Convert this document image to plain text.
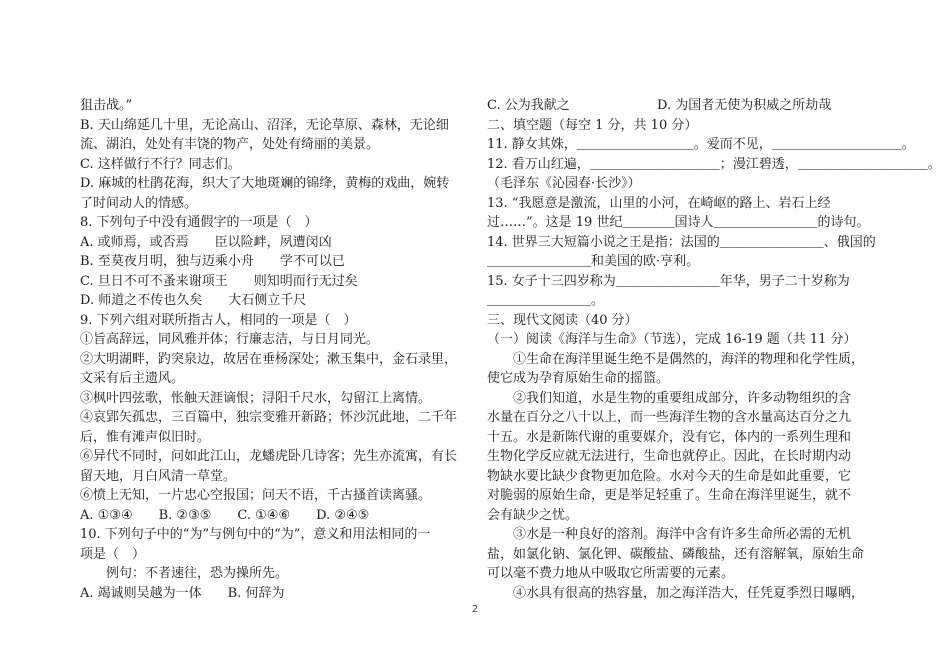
狙击战。”
B. 天山绵延几十里，无论高山、沼泽，无论草原、森林，无论细
流、湖泊，处处有丰饶的物产，处处有绮丽的美景。
C. 这样做行不行？同志们。
D. 麻城的杜鹃花海，织大了大地斑斓的锦绛，黄梅的戏曲，婉转
了时间动人的情感。
8. 下列句子中没有通假字的一项是（　）
A. 或师焉，或否焉　　臣以险衅，夙遭闵凶
B. 至莫夜月明，独与迈乘小舟　　学不可以已
C. 旦日不可不蚤来谢项王　　则知明而行无过矣
D. 师道之不传也久矣　　大石侧立千尺
9. 下列六组对联所指古人，相同的一项是（　）
①旨高辞远，同风雅并体；行廉志洁，与日月同光。
②大明湖畔，趵突泉边，故居在垂杨深处；漱玉集中，金石录里，
文采有后主遗风。
③枫叶四弦歌，怅触天涯谪恨；浔阳千尺水，勾留江上离情。
④哀郢矢孤忠，三百篇中，独宗变雅开新路；怀沙沉此地，二千年
后，惟有滩声似旧时。
⑥异代不同时，问如此江山，龙蟠虎卧几诗客；先生亦流寓，有长
留天地，月白风清一草堂。
⑥愤上无知，一片忠心空报国；问天不语，千古搔首读离骚。
A. ①③④　　B. ②③⑤　　C. ①④⑥　　D. ②④⑤
10. 下列句子中的“为”与例句中的“为”，意义和用法相同的一
项是（　）
例句：不者速往，恐为操所先。
A. 竭诚则吴越为一体　　B. 何辞为
C. 公为我献之	D. 为国者无使为积威之所劫哉
二、填空题（每空 1 分，共 10 分）
11. 静女其姝，＿＿＿＿＿＿＿＿＿。爱而不见，＿＿＿＿＿＿＿＿＿＿。
12. 看万山红遍，＿＿＿＿＿＿＿＿＿＿；漫江碧透，＿＿＿＿＿＿＿＿＿＿。
（毛泽东《沁园春·长沙》）
13. “我愿意是激流，山里的小河，在崎岖的路上、岩石上经
过……”。这是 19 世纪＿＿＿＿国诗人＿＿＿＿＿＿＿＿的诗句。
14. 世界三大短篇小说之王是指：法国的＿＿＿＿＿＿＿＿、俄国的
＿＿＿＿＿＿＿＿和美国的欧·亨利。
15. 女子十三四岁称为＿＿＿＿＿＿＿＿年华，男子二十岁称为
＿＿＿＿＿＿＿＿。
三、现代文阅读（40 分）
（一）阅读《海洋与生命》（节选），完成 16-19 题（共 11 分）
①生命在海洋里诞生绝不是偶然的，海洋的物理和化学性质，
使它成为孕育原始生命的摇篮。
②我们知道，水是生物的重要组成部分，许多动物组织的含
水量在百分之八十以上，而一些海洋生物的含水量高达百分之九
十五。水是新陈代谢的重要媒介，没有它，体内的一系列生理和
生物化学反应就无法进行，生命也就停止。因此，在长时期内动
物缺水要比缺少食物更加危险。水对今天的生命是如此重要，它
对脆弱的原始生命，更是举足轻重了。生命在海洋里诞生，就不
会有缺少之忧。
③水是一种良好的溶剂。海洋中含有许多生命所必需的无机
盐，如氯化钠、氯化钾、碳酸盐、磷酸盐，还有溶解氧，原始生命
可以毫不费力地从中吸取它所需要的元素。
④水具有很高的热容量，加之海洋浩大，任凭夏季烈日曝晒，
2
